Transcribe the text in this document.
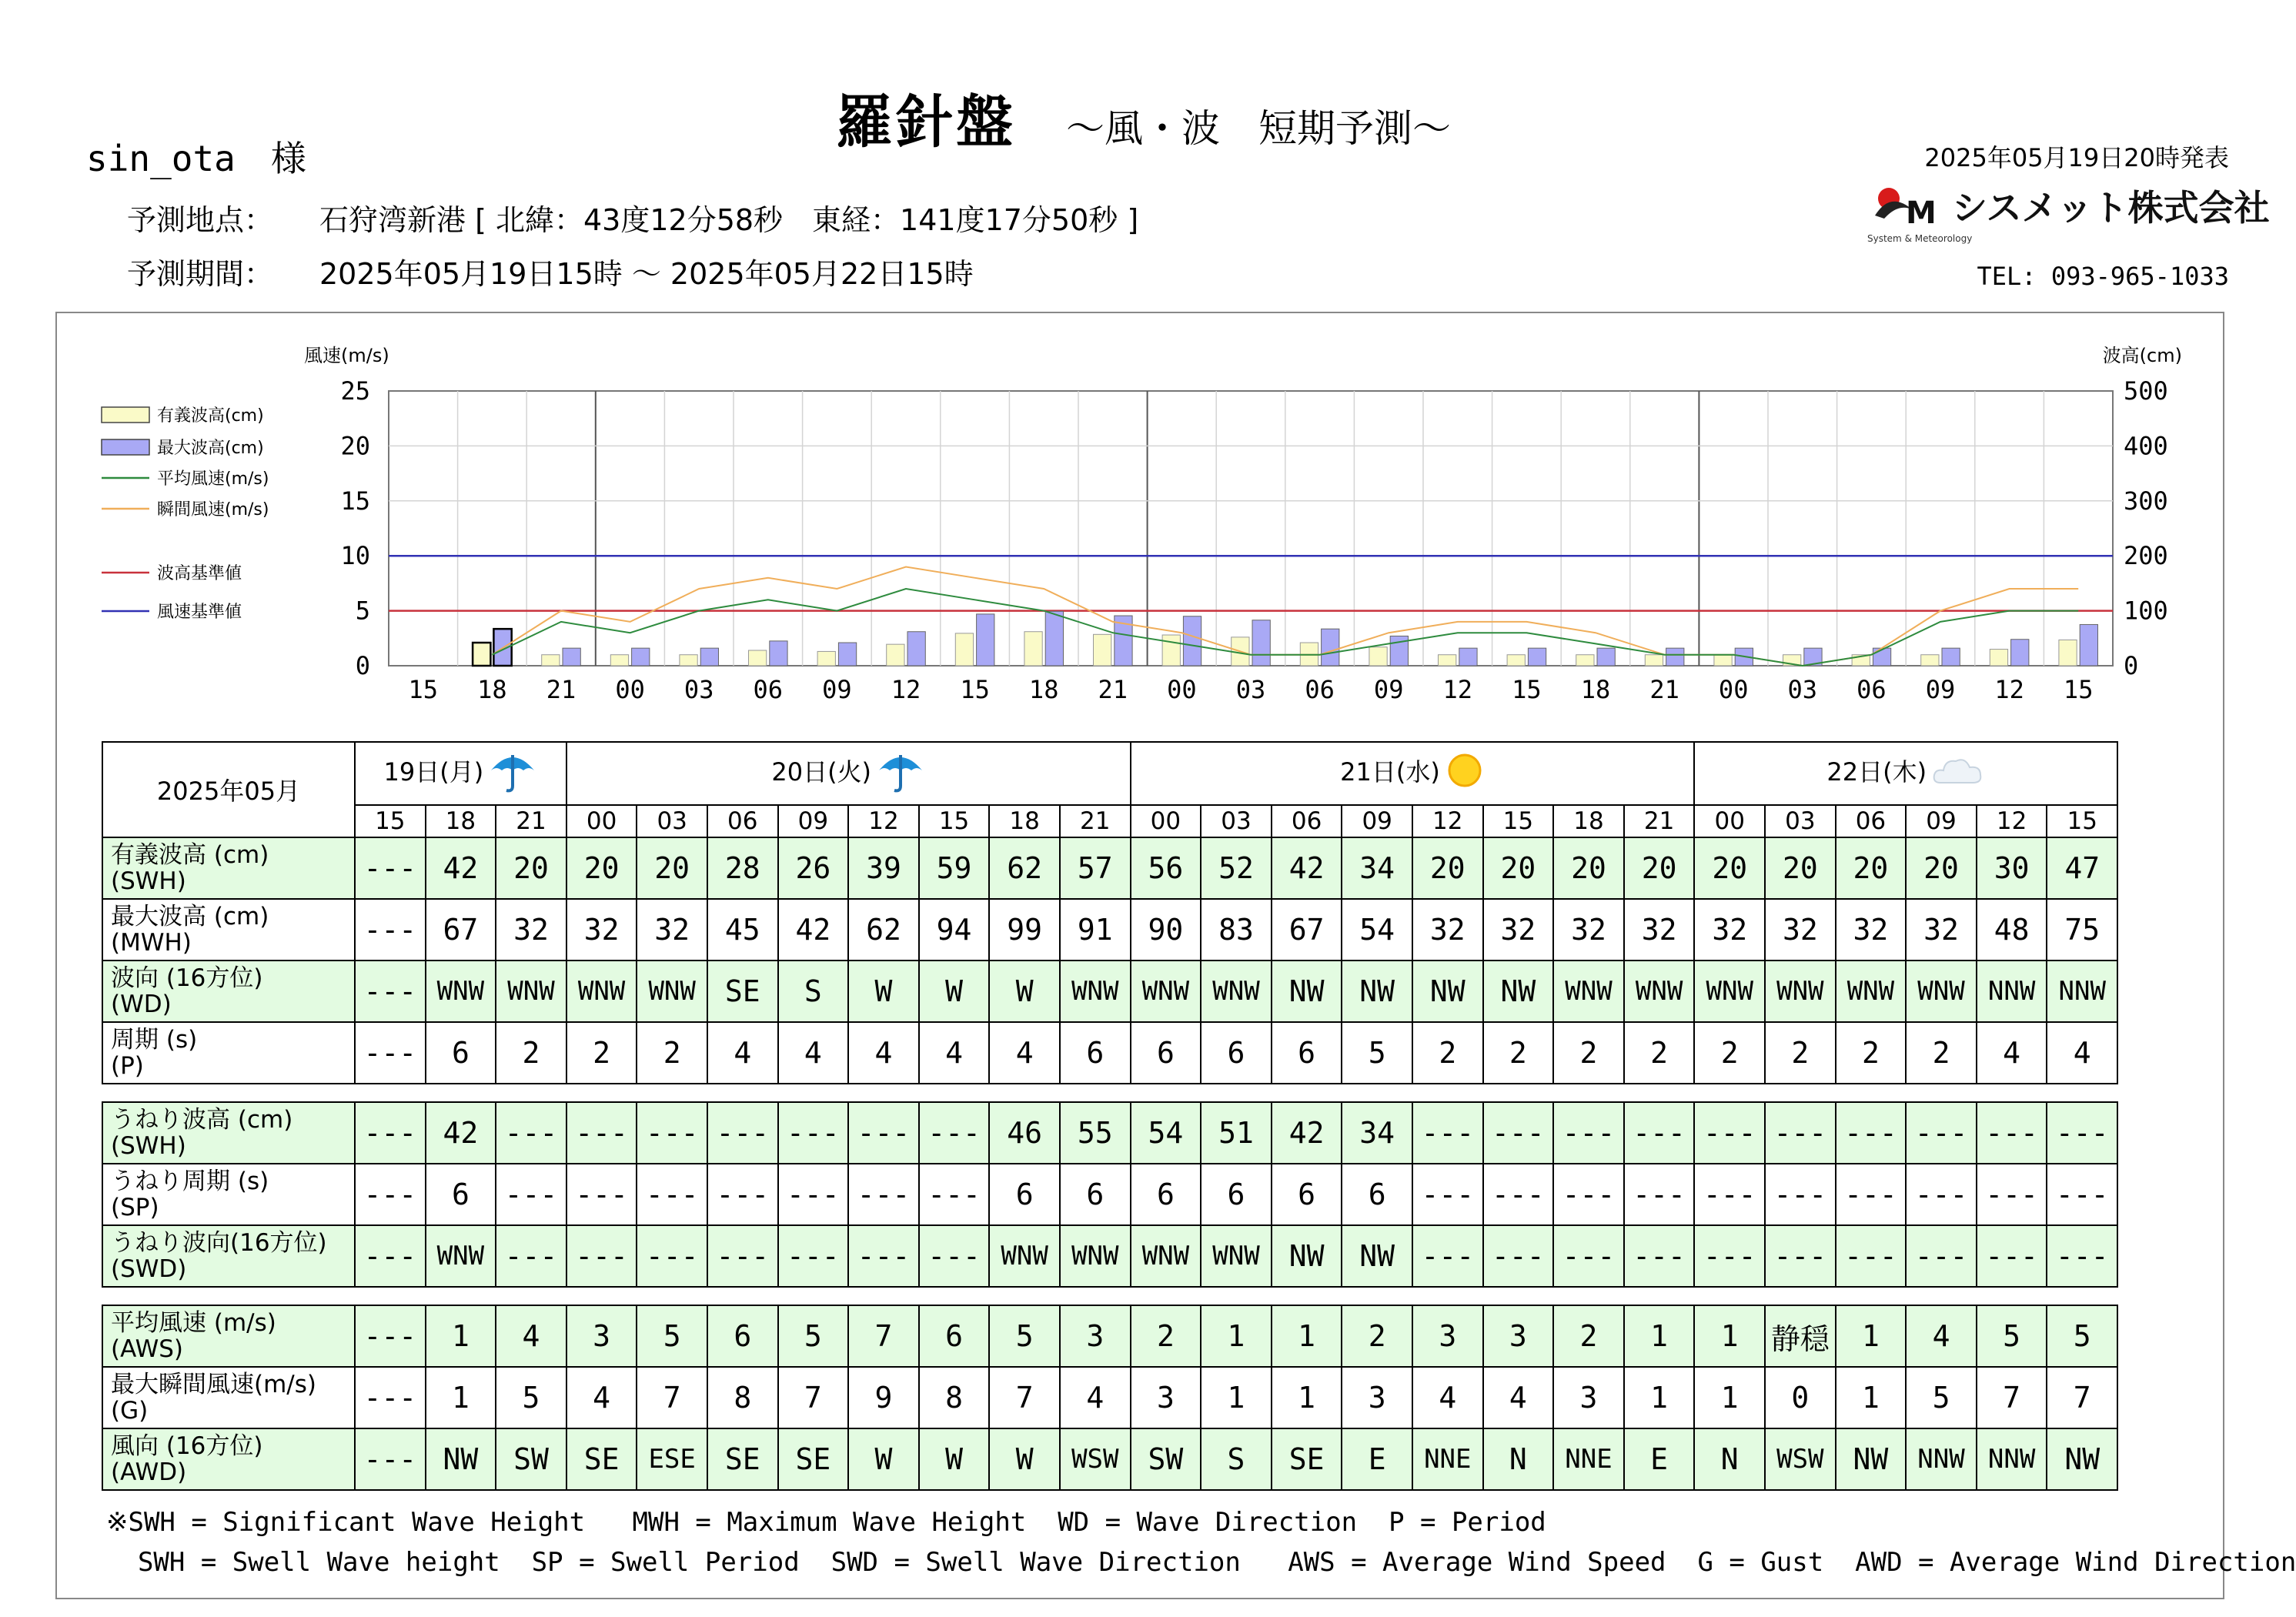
羅針盤 ～風・波　短期予測～
sin_ota　様	2025年05月19日20時発表
M シスメット株式会社
System & Meteorology
TEL: 093-965-1033
予測地点： 石狩湾新港 [ 北緯：43度12分58秒　東経：141度17分50秒 ]
予測期間： 2025年05月19日15時 ～ 2025年05月22日15時
25	500
20	400
15	300
10	200
5	100
0	0
風速(m/s)	波高(cm)
15 18 21 00 03 06 09 12 15 18 21 00 03 06 09 12 15 18 21 00 03 06 09 12 15
有義波高(cm)
最大波高(cm)
平均風速(m/s)
瞬間風速(m/s)
波高基準値
風速基準値
2025年05月	19日(月)			20日(火)								21日(水)								22日(木)					
	15	18	21	00	03	06	09	12	15	18	21	00	03	06	09	12	15	18	21	00	03	06	09	12	15

有義波高 (cm)
(SWH)	---	42	20	20	20	28	26	39	59	62	57	56	52	42	34	20	20	20	20	20	20	20	20	30	47

最大波高 (cm)
(MWH)	---	67	32	32	32	45	42	62	94	99	91	90	83	67	54	32	32	32	32	32	32	32	32	48	75

波向 (16方位)
(WD)	---	WNW	WNW	WNW	WNW	SE	S	W	W	W	WNW	WNW	WNW	NW	NW	NW	NW	WNW	WNW	WNW	WNW	WNW	WNW	NNW	NNW

周期 (s)
(P)	---	6	2	2	2	4	4	4	4	4	6	6	6	6	5	2	2	2	2	2	2	2	2	4	4

うねり波高 (cm)
(SWH)	---	42	---	---	---	---	---	---	---	46	55	54	51	42	34	---	---	---	---	---	---	---	---	---	---

うねり周期 (s)
(SP)	---	6	---	---	---	---	---	---	---	6	6	6	6	6	6	---	---	---	---	---	---	---	---	---	---

うねり波向(16方位)
(SWD)	---	WNW	---	---	---	---	---	---	---	WNW	WNW	WNW	WNW	NW	NW	---	---	---	---	---	---	---	---	---	---

平均風速 (m/s)
(AWS)	---	1	4	3	5	6	5	7	6	5	3	2	1	1	2	3	3	2	1	1	静穏	1	4	5	5

最大瞬間風速(m/s)
(G)	---	1	5	4	7	8	7	9	8	7	4	3	1	1	3	4	4	3	1	1	0	1	5	7	7

風向 (16方位)
(AWD)	---	NW	SW	SE	ESE	SE	SE	W	W	W	WSW	SW	S	SE	E	NNE	N	NNE	E	N	WSW	NW	NNW	NNW	NW
※SWH = Significant Wave Height   MWH = Maximum Wave Height  WD = Wave Direction  P = Period
SWH = Swell Wave height  SP = Swell Period  SWD = Swell Wave Direction   AWS = Average Wind Speed  G = Gust  AWD = Average Wind Direction
